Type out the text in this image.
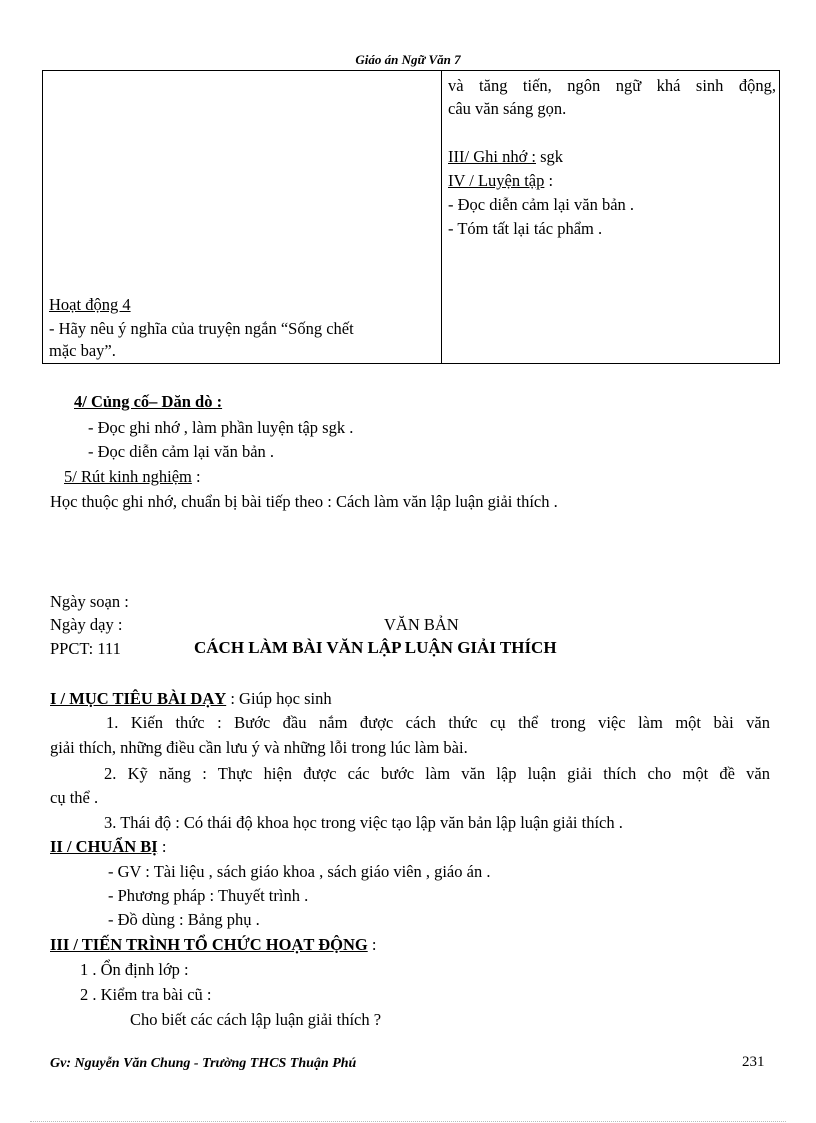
Giáo án Ngữ Văn 7
Hoạt động 4
- Hãy nêu ý nghĩa của truyện ngắn “Sống chết
mặc bay”.

và tăng tiến, ngôn ngữ khá sinh động,
câu văn sáng gọn.
III/ Ghi nhớ : sgk
IV / Luyện tập :
- Đọc diễn cảm lại văn bản .
- Tóm tất lại tác phẩm .
4/ Củng cố– Dăn dò :
- Đọc ghi nhớ , làm phần luyện tập sgk .
- Đọc diễn cảm lại văn bản .
5/ Rút kinh nghiệm :
Học thuộc ghi nhớ, chuẩn bị bài tiếp theo : Cách làm văn lập luận giải thích .
Ngày soạn :
Ngày dạy :	VĂN BẢN
PPCT: 111	CÁCH LÀM BÀI VĂN LẬP LUẬN GIẢI THÍCH
I / MỤC TIÊU BÀI DẠY : Giúp học sinh
1. Kiến thức : Bước đầu nắm được cách thức cụ thể trong việc làm một bài văn
giải thích, những điều cần lưu ý và những lỗi trong lúc làm bài.
2. Kỹ năng : Thực hiện được các bước làm văn lập luận giải thích cho một đề văn
cụ thể .
3. Thái độ : Có thái độ khoa học trong việc tạo lập văn bản lập luận giải thích .
II / CHUẨN BỊ :
- GV : Tài liệu , sách giáo khoa , sách giáo viên , giáo án .
- Phương pháp : Thuyết trình .
- Đồ dùng : Bảng phụ .
III / TIẾN TRÌNH TỔ CHỨC HOẠT ĐỘNG :
1 . Ổn định lớp :
2 . Kiểm tra bài cũ :
Cho biết các cách lập luận giải thích ?
Gv: Nguyễn Văn Chung - Trường THCS Thuận Phú	231
